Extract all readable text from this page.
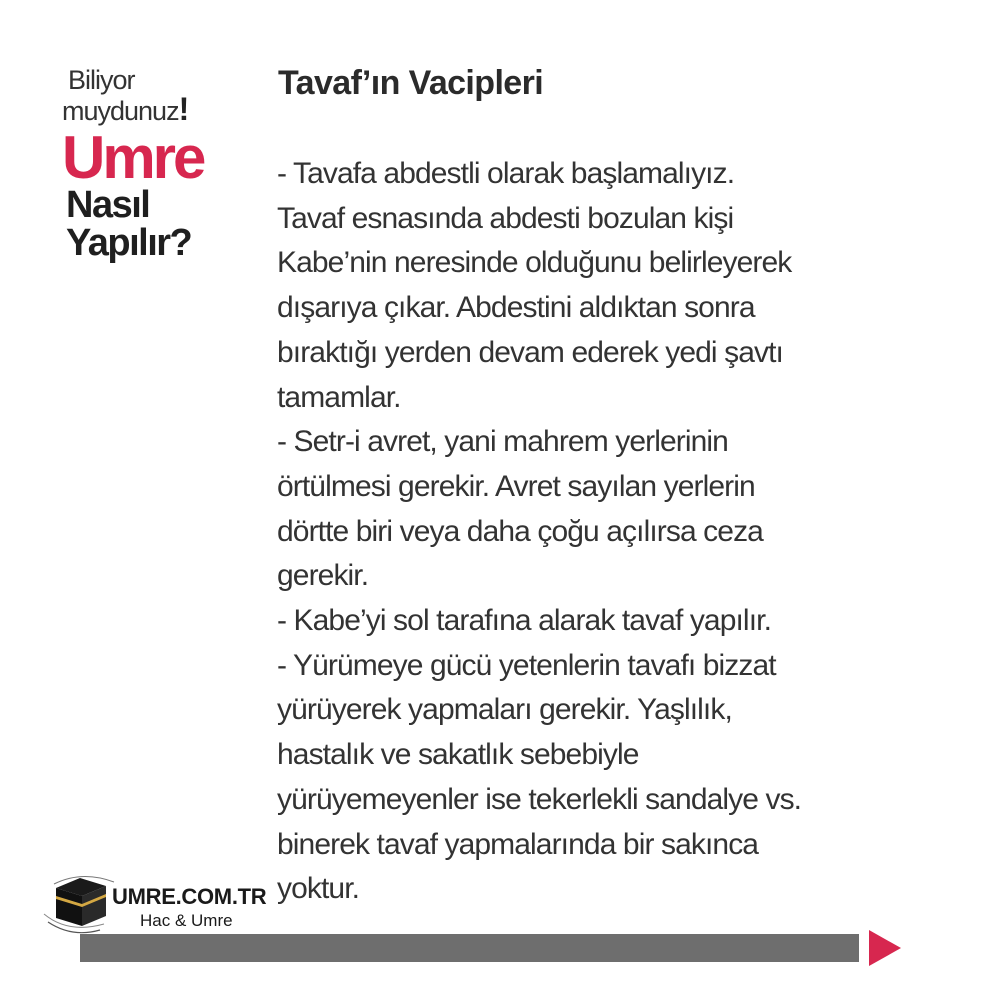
Biliyor
muydunuz!
Umre
Nasıl
Yapılır?
Tavaf’ın Vacipleri
- Tavafa abdestli olarak başlamalıyız.
Tavaf esnasında abdesti bozulan kişi
Kabe’nin neresinde olduğunu belirleyerek
dışarıya çıkar. Abdestini aldıktan sonra
bıraktığı yerden devam ederek yedi şavtı
tamamlar.
- Setr-i avret, yani mahrem yerlerinin
örtülmesi gerekir. Avret sayılan yerlerin
dörtte biri veya daha çoğu açılırsa ceza
gerekir.
- Kabe’yi sol tarafına alarak tavaf yapılır.
- Yürümeye gücü yetenlerin tavafı bizzat
yürüyerek yapmaları gerekir. Yaşlılık,
hastalık ve sakatlık sebebiyle
yürüyemeyenler ise tekerlekli sandalye vs.
binerek tavaf yapmalarında bir sakınca
yoktur.
UMRE.COM.TR
Hac & Umre
